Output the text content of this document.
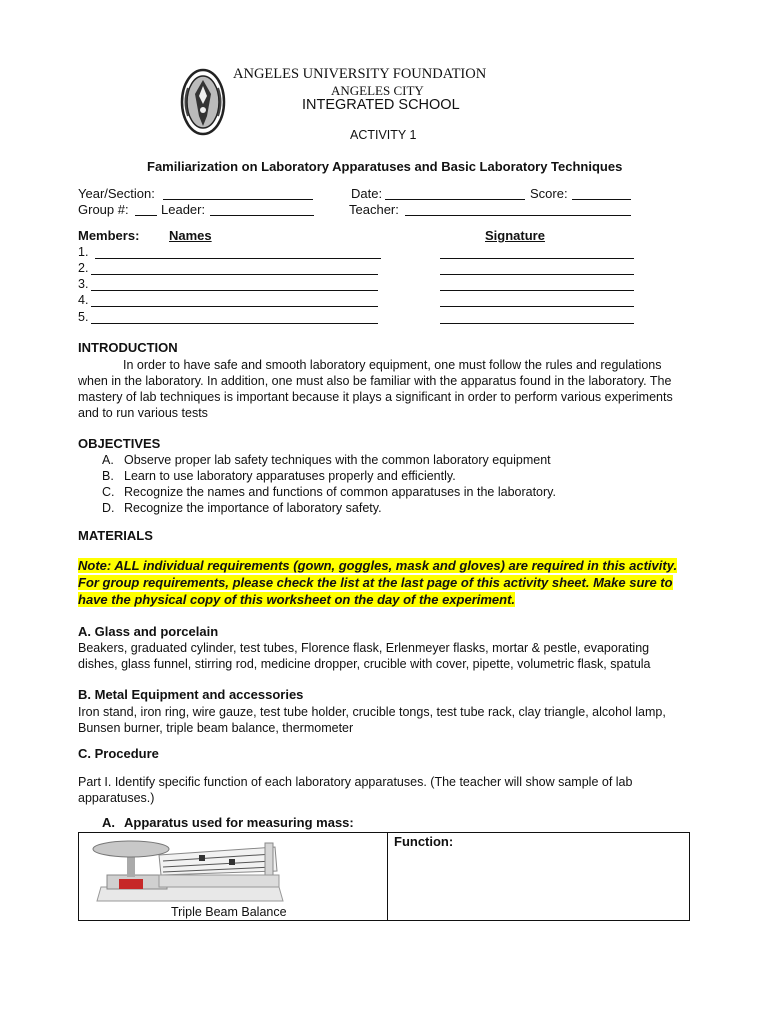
ANGELES UNIVERSITY FOUNDATION
ANGELES CITY
INTEGRATED SCHOOL
ACTIVITY 1
Familiarization on Laboratory Apparatuses and Basic Laboratory Techniques
Year/Section:	Date:	Score:
Group #: Leader:	Teacher:
Members: Names	Signature
1.
2.
3.
4.
5.
INTRODUCTION
In order to have safe and smooth laboratory equipment, one must follow the rules and regulations when in the laboratory. In addition, one must also be familiar with the apparatus found in the laboratory. The mastery of lab techniques is important because it plays a significant in order to perform various experiments and to run various tests
OBJECTIVES
A. Observe proper lab safety techniques with the common laboratory equipment
B. Learn to use laboratory apparatuses properly and efficiently.
C. Recognize the names and functions of common apparatuses in the laboratory.
D. Recognize the importance of laboratory safety.
MATERIALS
Note: ALL individual requirements (gown, goggles, mask and gloves) are required in this activity. For group requirements, please check the list at the last page of this activity sheet. Make sure to have the physical copy of this worksheet on the day of the experiment.
A. Glass and porcelain
Beakers, graduated cylinder, test tubes, Florence flask, Erlenmeyer flasks, mortar & pestle, evaporating dishes, glass funnel, stirring rod, medicine dropper, crucible with cover, pipette, volumetric flask, spatula
B. Metal Equipment and accessories
Iron stand, iron ring, wire gauze, test tube holder, crucible tongs, test tube rack, clay triangle, alcohol lamp, Bunsen burner, triple beam balance, thermometer
C. Procedure
Part I. Identify specific function of each laboratory apparatuses. (The teacher will show sample of lab apparatuses.)
A. Apparatus used for measuring mass:
Triple Beam Balance
Function:
